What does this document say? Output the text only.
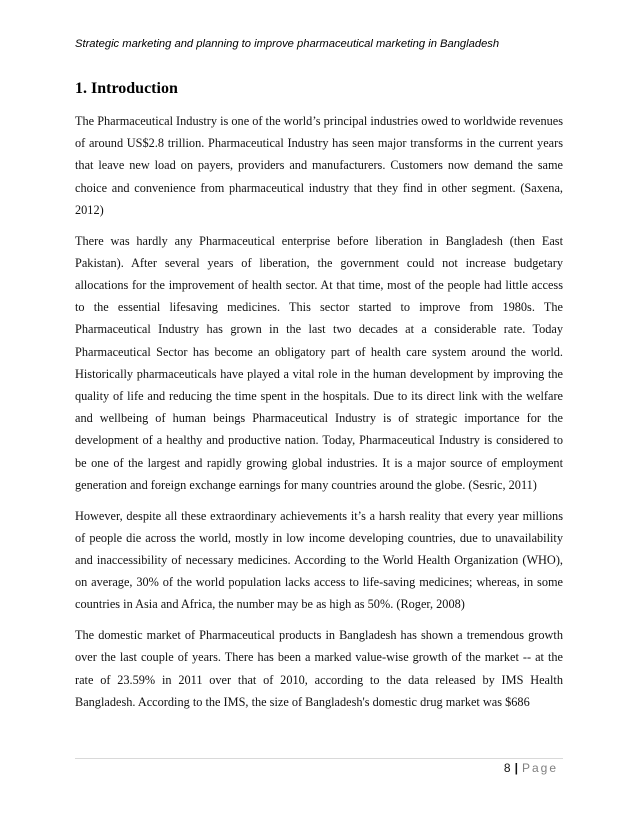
Strategic marketing and planning to improve pharmaceutical marketing in Bangladesh
1. Introduction

The Pharmaceutical Industry is one of the world’s principal industries owed to worldwide revenues of around US$2.8 trillion. Pharmaceutical Industry has seen major transforms in the current years that leave new load on payers, providers and manufacturers. Customers now demand the same choice and convenience from pharmaceutical industry that they find in other segment. (Saxena, 2012)

There was hardly any Pharmaceutical enterprise before liberation in Bangladesh (then East Pakistan). After several years of liberation, the government could not increase budgetary allocations for the improvement of health sector. At that time, most of the people had little access to the essential lifesaving medicines. This sector started to improve from 1980s. The Pharmaceutical Industry has grown in the last two decades at a considerable rate. Today Pharmaceutical Sector has become an obligatory part of health care system around the world. Historically pharmaceuticals have played a vital role in the human development by improving the quality of life and reducing the time spent in the hospitals. Due to its direct link with the welfare and wellbeing of human beings Pharmaceutical Industry is of strategic importance for the development of a healthy and productive nation. Today, Pharmaceutical Industry is considered to be one of the largest and rapidly growing global industries. It is a major source of employment generation and foreign exchange earnings for many countries around the globe. (Sesric, 2011)

However, despite all these extraordinary achievements it’s a harsh reality that every year millions of people die across the world, mostly in low income developing countries, due to unavailability and inaccessibility of necessary medicines. According to the World Health Organization (WHO), on average, 30% of the world population lacks access to life-saving medicines; whereas, in some countries in Asia and Africa, the number may be as high as 50%. (Roger, 2008)

The domestic market of Pharmaceutical products in Bangladesh has shown a tremendous growth over the last couple of years. There has been a marked value-wise growth of the market -- at the rate of 23.59% in 2011 over that of 2010, according to the data released by IMS Health Bangladesh. According to the IMS, the size of Bangladesh's domestic drug market was $686

8 | Page
